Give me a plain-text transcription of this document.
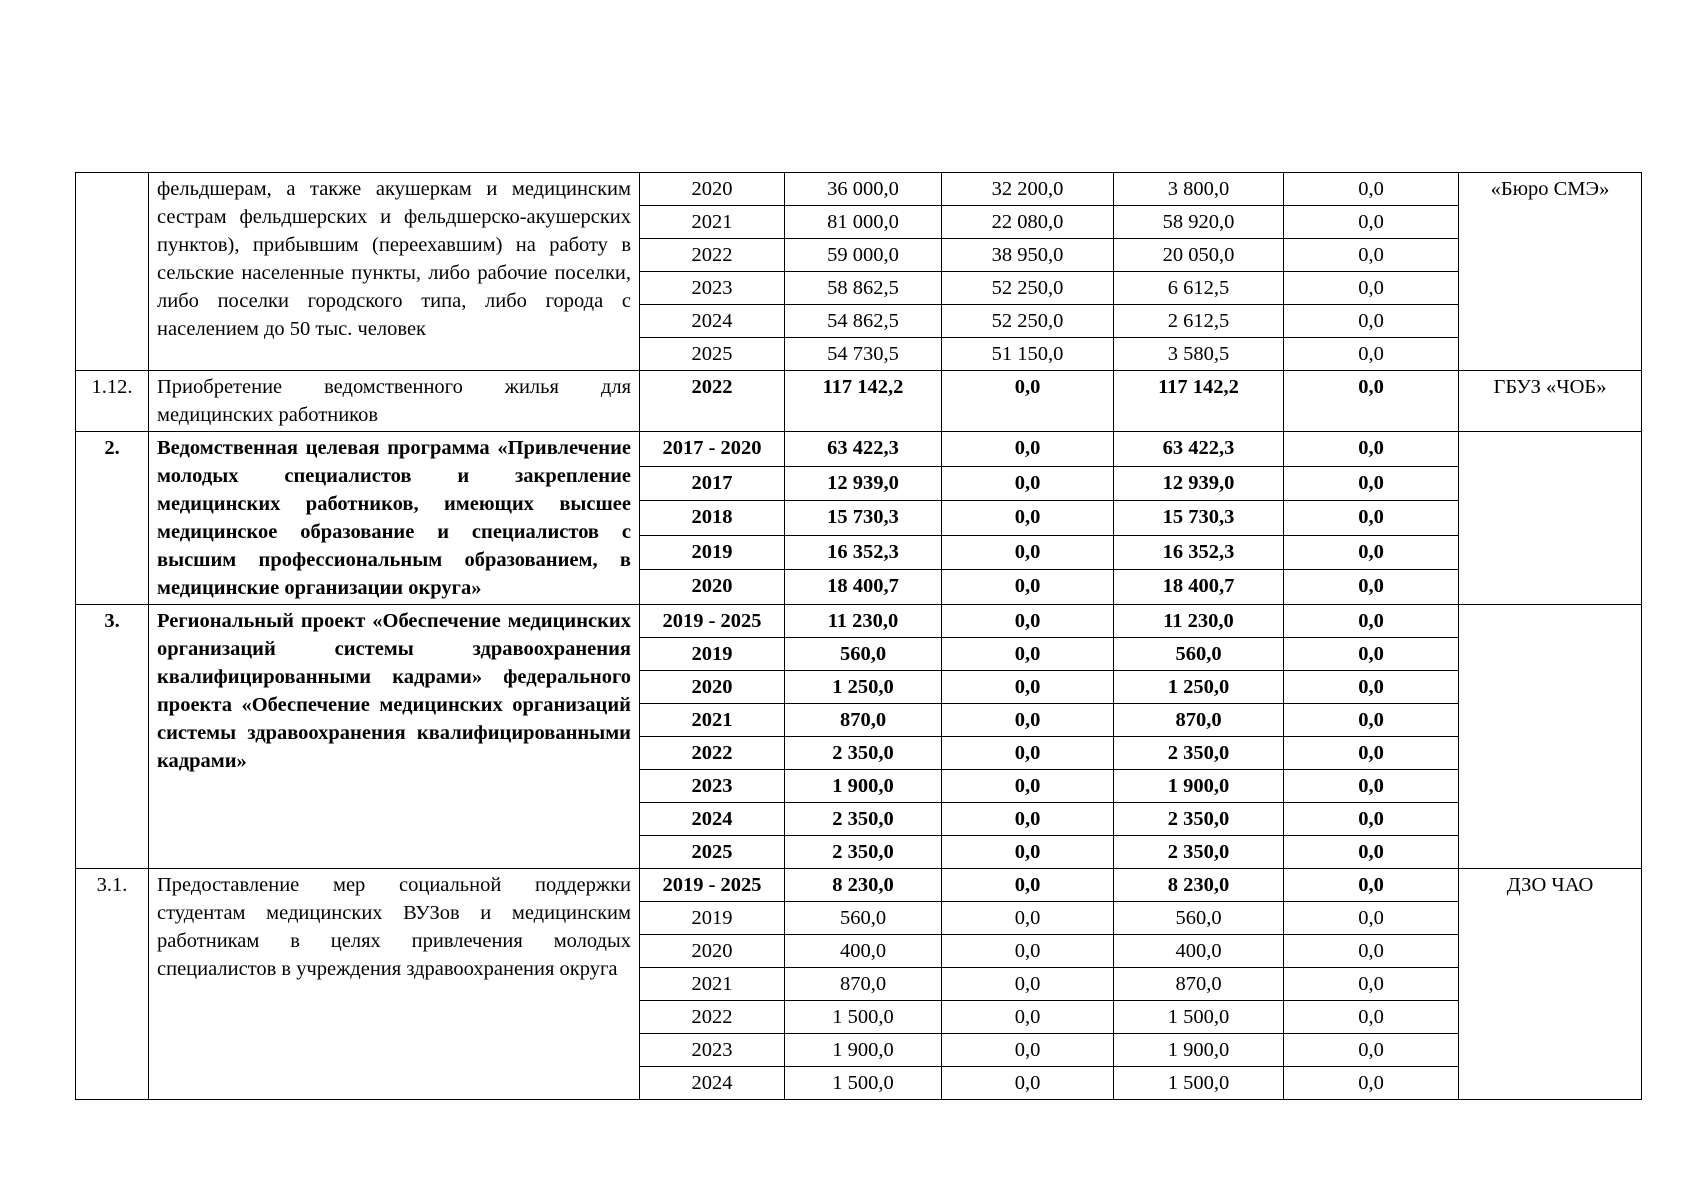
	фельдшерам, а также акушеркам и медицинским сестрам фельдшерских и фельдшерско-акушерских пунктов), прибывшим (переехавшим) на работу в сельские населенные пункты, либо рабочие поселки, либо поселки городского типа, либо города с населением до 50 тыс. человек	2020	36 000,0	32 200,0	3 800,0	0,0	«Бюро СМЭ»
		2021	81 000,0	22 080,0	58 920,0	0,0	
		2022	59 000,0	38 950,0	20 050,0	0,0	
		2023	58 862,5	52 250,0	6 612,5	0,0	
		2024	54 862,5	52 250,0	2 612,5	0,0	
		2025	54 730,5	51 150,0	3 580,5	0,0	
1.12.	Приобретение ведомственного жилья для медицинских работников	2022	117 142,2	0,0	117 142,2	0,0	ГБУЗ «ЧОБ»
2.	Ведомственная целевая программа «Привлечение молодых специалистов и закрепление медицинских работников, имеющих высшее медицинское образование и специалистов с высшим профессиональным образованием, в медицинские организации округа»	2017 - 2020	63 422,3	0,0	63 422,3	0,0	
		2017	12 939,0	0,0	12 939,0	0,0	
		2018	15 730,3	0,0	15 730,3	0,0	
		2019	16 352,3	0,0	16 352,3	0,0	
		2020	18 400,7	0,0	18 400,7	0,0	
3.	Региональный проект «Обеспечение медицинских организаций системы здравоохранения квалифицированными кадрами» федерального проекта «Обеспечение медицинских организаций системы здравоохранения квалифицированными кадрами»	2019 - 2025	11 230,0	0,0	11 230,0	0,0	
		2019	560,0	0,0	560,0	0,0	
		2020	1 250,0	0,0	1 250,0	0,0	
		2021	870,0	0,0	870,0	0,0	
		2022	2 350,0	0,0	2 350,0	0,0	
		2023	1 900,0	0,0	1 900,0	0,0	
		2024	2 350,0	0,0	2 350,0	0,0	
		2025	2 350,0	0,0	2 350,0	0,0	
3.1.	Предоставление мер социальной поддержки студентам медицинских ВУЗов и медицинским работникам в целях привлечения молодых специалистов в учреждения здравоохранения округа	2019 - 2025	8 230,0	0,0	8 230,0	0,0	ДЗО ЧАО
		2019	560,0	0,0	560,0	0,0	
		2020	400,0	0,0	400,0	0,0	
		2021	870,0	0,0	870,0	0,0	
		2022	1 500,0	0,0	1 500,0	0,0	
		2023	1 900,0	0,0	1 900,0	0,0	
		2024	1 500,0	0,0	1 500,0	0,0	
